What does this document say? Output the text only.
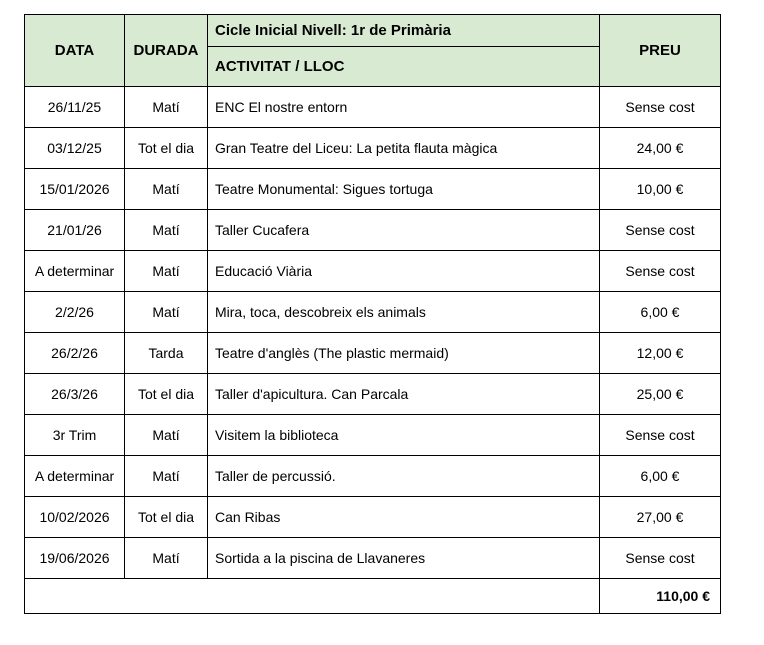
DATA	DURADA	Cicle Inicial Nivell: 1r de Primària	PREU
		ACTIVITAT / LLOC	
26/11/25	Matí	ENC El nostre entorn	Sense cost
03/12/25	Tot el dia	Gran Teatre del Liceu: La petita flauta màgica	24,00 €
15/01/2026	Matí	Teatre Monumental: Sigues tortuga	10,00 €
21/01/26	Matí	Taller Cucafera	Sense cost
A determinar	Matí	Educació Viària	Sense cost
2/2/26	Matí	Mira, toca, descobreix els animals	6,00 €
26/2/26	Tarda	Teatre d'anglès (The plastic mermaid)	12,00 €
26/3/26	Tot el dia	Taller d'apicultura. Can Parcala	25,00 €
3r Trim	Matí	Visitem la biblioteca	Sense cost
A determinar	Matí	Taller de percussió.	6,00 €
10/02/2026	Tot el dia	Can Ribas	27,00 €
19/06/2026	Matí	Sortida a la piscina de Llavaneres	Sense cost
			110,00 €
